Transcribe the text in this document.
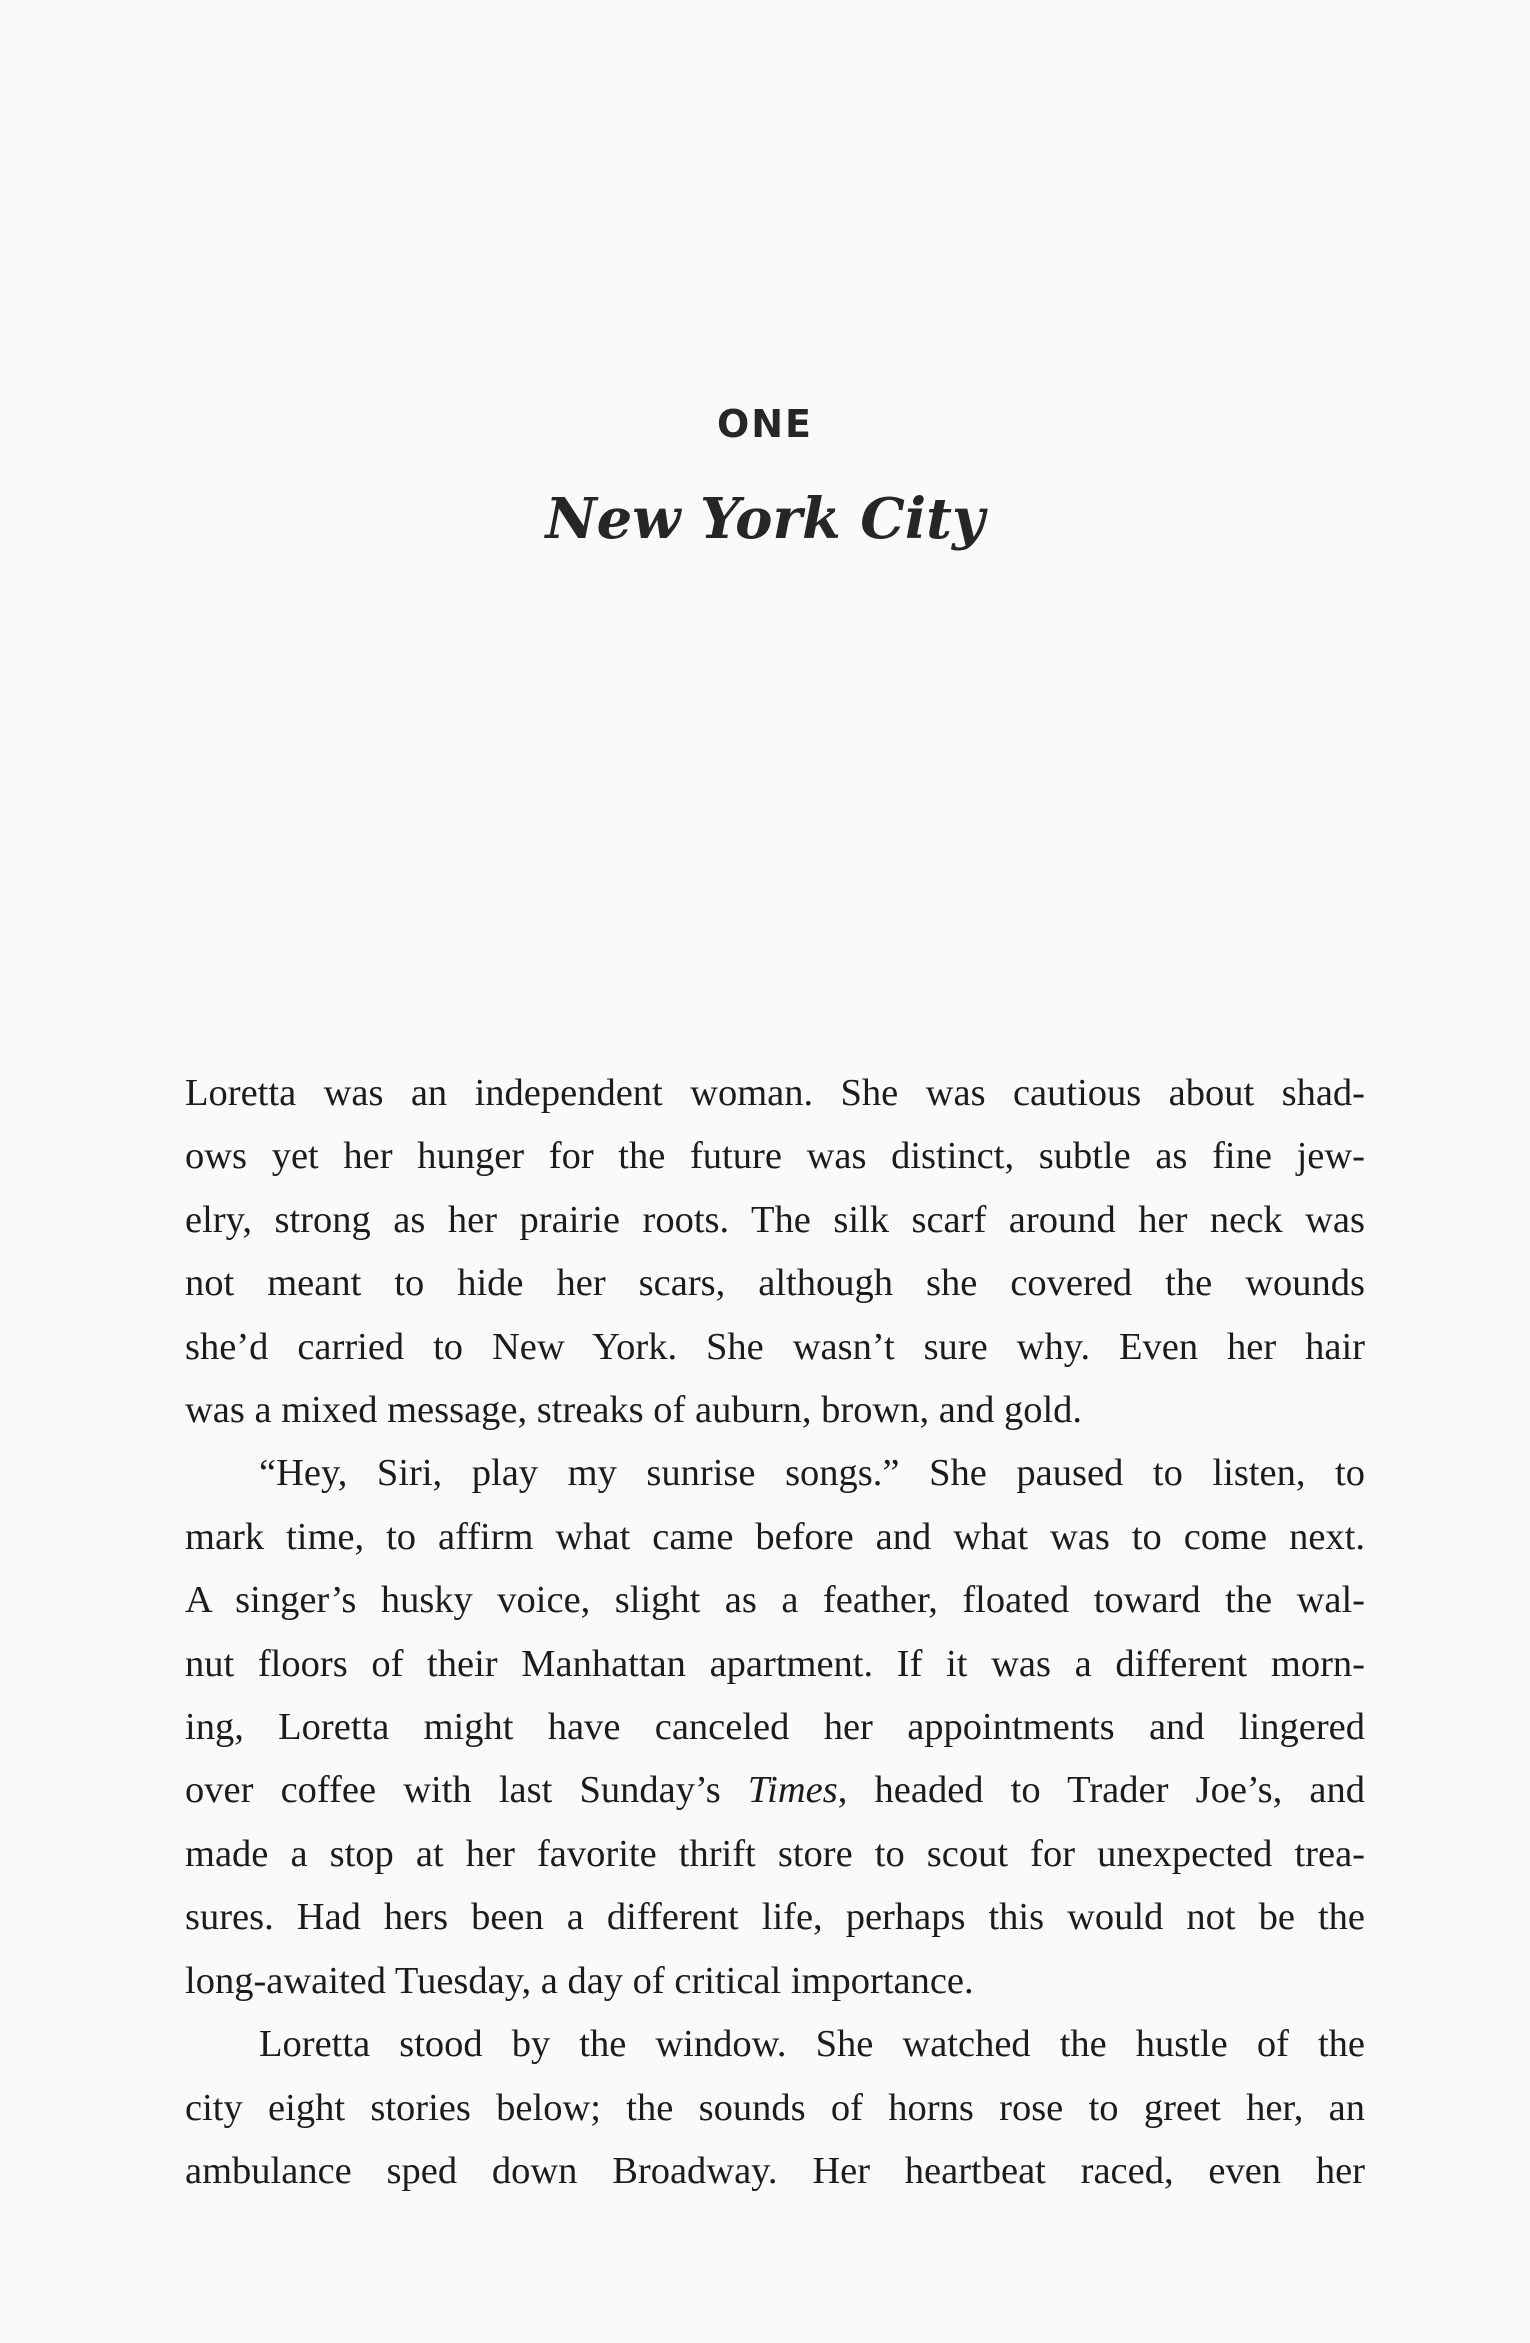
ONE
New York City
Loretta was an independent woman. She was cautious about shad-
ows yet her hunger for the future was distinct, subtle as fine jew-
elry, strong as her prairie roots. The silk scarf around her neck was
not meant to hide her scars, although she covered the wounds
she’d carried to New York. She wasn’t sure why. Even her hair
was a mixed message, streaks of auburn, brown, and gold.
“Hey, Siri, play my sunrise songs.” She paused to listen, to
mark time, to affirm what came before and what was to come next.
A singer’s husky voice, slight as a feather, floated toward the wal-
nut floors of their Manhattan apartment. If it was a different morn-
ing, Loretta might have canceled her appointments and lingered
over coffee with last Sunday’s Times, headed to Trader Joe’s, and
made a stop at her favorite thrift store to scout for unexpected trea-
sures. Had hers been a different life, perhaps this would not be the
long-awaited Tuesday, a day of critical importance.
Loretta stood by the window. She watched the hustle of the
city eight stories below; the sounds of horns rose to greet her, an
ambulance sped down Broadway. Her heartbeat raced, even her
